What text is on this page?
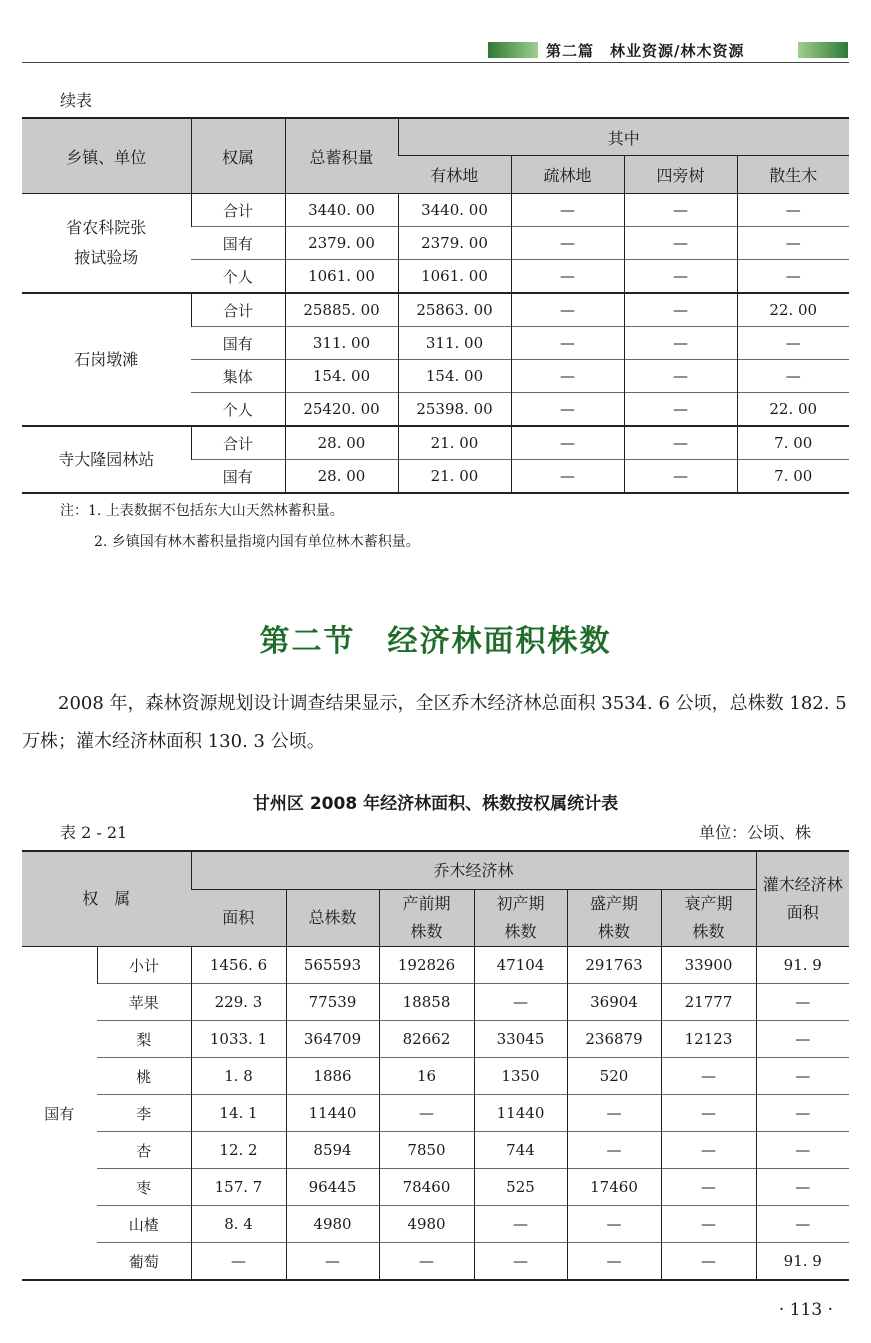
第二篇　林业资源/林木资源
续表
乡镇、单位	权属	总蓄积量	其中			
			有林地	疏林地	四旁树	散生木
省农科院张掖试验场	合计	3440. 00	3440. 00	—	—	—
	国有	2379. 00	2379. 00	—	—	—
	个人	1061. 00	1061. 00	—	—	—
石岗墩滩	合计	25885. 00	25863. 00	—	—	22. 00
	国有	311. 00	311. 00	—	—	—
	集体	154. 00	154. 00	—	—	—
	个人	25420. 00	25398. 00	—	—	22. 00
寺大隆园林站	合计	28. 00	21. 00	—	—	7. 00
	国有	28. 00	21. 00	—	—	7. 00
注：1. 上表数据不包括东大山天然林蓄积量。
2. 乡镇国有林木蓄积量指境内国有单位林木蓄积量。
第二节　经济林面积株数
2008 年，森林资源规划设计调查结果显示，全区乔木经济林总面积 3534. 6 公顷，总株数 182. 5 万株；灌木经济林面积 130. 3 公顷。
甘州区 2008 年经济林面积、株数按权属统计表
表 2 - 21	单位：公顷、株
权　属		乔木经济林						灌木经济林面积
		面积	总株数	产前期株数	初产期株数	盛产期株数	衰产期株数	
国有	小计	1456. 6	565593	192826	47104	291763	33900	91. 9
	苹果	229. 3	77539	18858	—	36904	21777	—
	梨	1033. 1	364709	82662	33045	236879	12123	—
	桃	1. 8	1886	16	1350	520	—	—
	李	14. 1	11440	—	11440	—	—	—
	杏	12. 2	8594	7850	744	—	—	—
	枣	157. 7	96445	78460	525	17460	—	—
	山楂	8. 4	4980	4980	—	—	—	—
	葡萄	—	—	—	—	—	—	91. 9
· 113 ·
